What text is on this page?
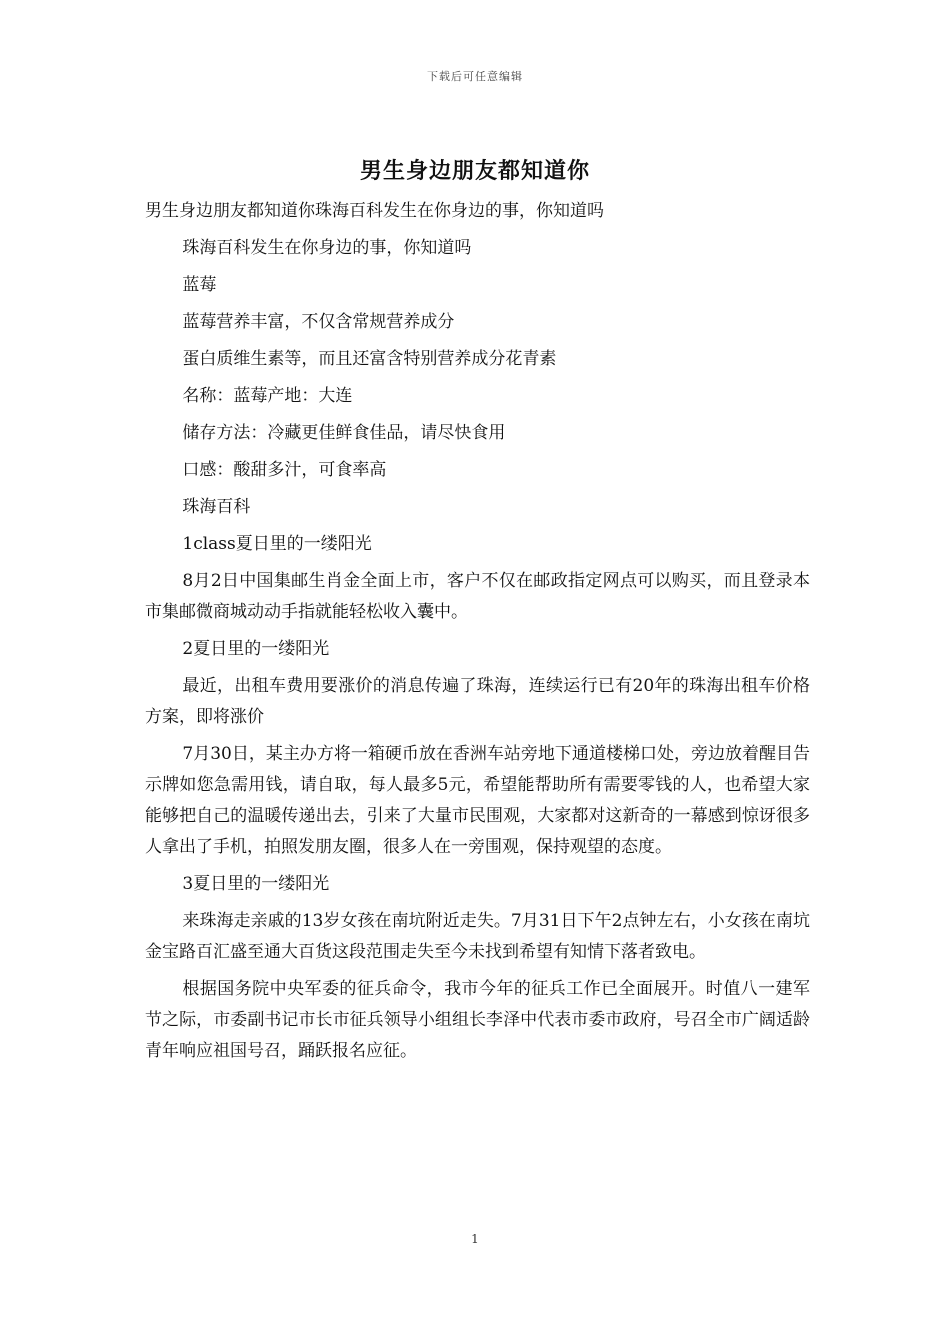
下载后可任意编辑
男生身边朋友都知道你

男生身边朋友都知道你珠海百科发生在你身边的事，你知道吗

珠海百科发生在你身边的事，你知道吗

蓝莓

蓝莓营养丰富，不仅含常规营养成分

蛋白质维生素等，而且还富含特别营养成分花青素

名称：蓝莓产地：大连

储存方法：冷藏更佳鲜食佳品，请尽快食用

口感：酸甜多汁，可食率高

珠海百科

1class夏日里的一缕阳光

8月2日中国集邮生肖金全面上市，客户不仅在邮政指定网点可以购买，而且登录本市集邮微商城动动手指就能轻松收入囊中。

2夏日里的一缕阳光

最近，出租车费用要涨价的消息传遍了珠海，连续运行已有20年的珠海出租车价格方案，即将涨价

7月30日，某主办方将一箱硬币放在香洲车站旁地下通道楼梯口处，旁边放着醒目告示牌如您急需用钱，请自取，每人最多5元，希望能帮助所有需要零钱的人，也希望大家能够把自己的温暖传递出去，引来了大量市民围观，大家都对这新奇的一幕感到惊讶很多人拿出了手机，拍照发朋友圈，很多人在一旁围观，保持观望的态度。

3夏日里的一缕阳光

来珠海走亲戚的13岁女孩在南坑附近走失。7月31日下午2点钟左右，小女孩在南坑金宝路百汇盛至通大百货这段范围走失至今未找到希望有知情下落者致电。

根据国务院中央军委的征兵命令，我市今年的征兵工作已全面展开。时值八一建军节之际，市委副书记市长市征兵领导小组组长李泽中代表市委市政府，号召全市广阔适龄青年响应祖国号召，踊跃报名应征。

1
